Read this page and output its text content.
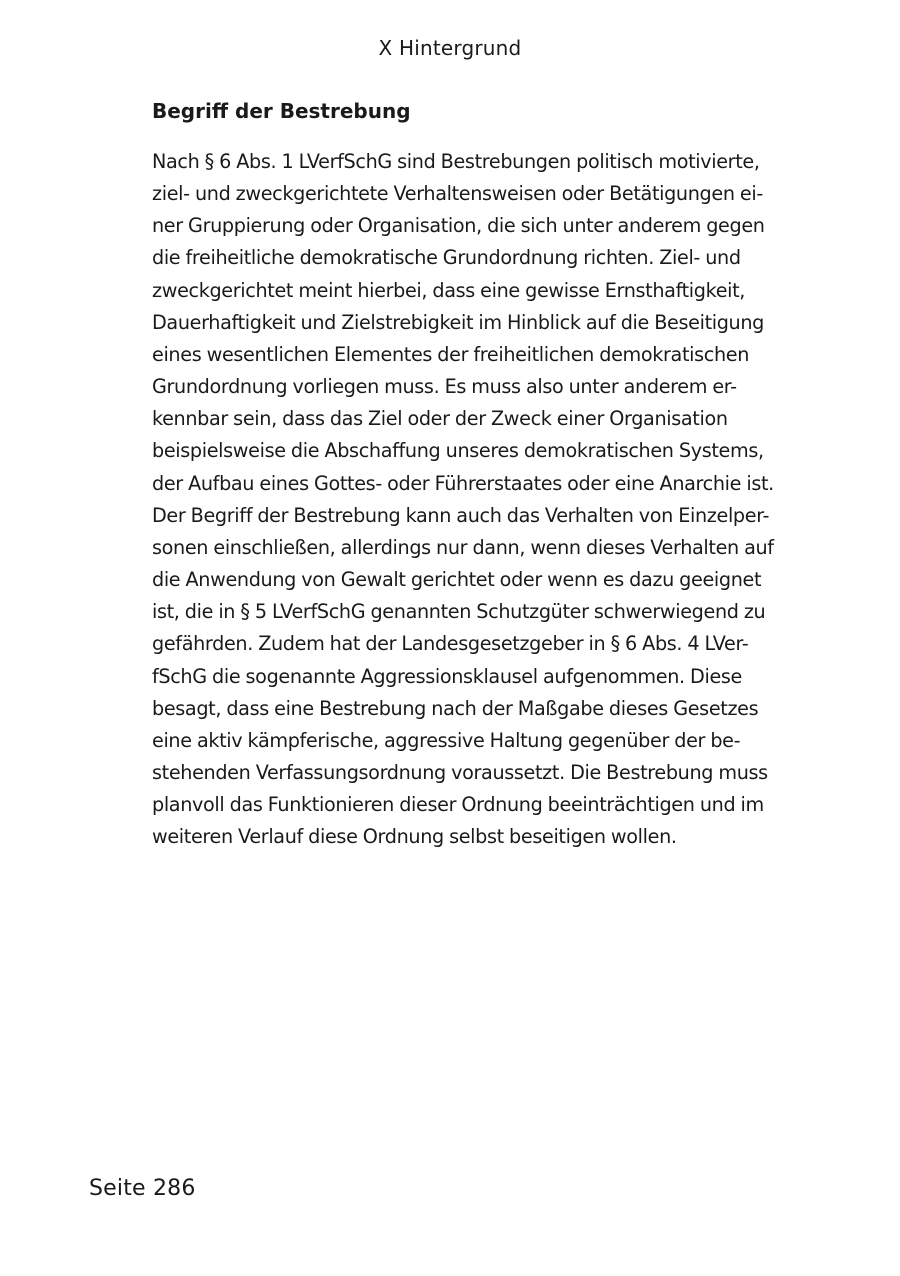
X Hintergrund
Begriff der Bestrebung
Nach § 6 Abs. 1 LVerfSchG sind Bestrebungen politisch motivierte,
ziel- und zweckgerichtete Verhaltensweisen oder Betätigungen ei-
ner Gruppierung oder Organisation, die sich unter anderem gegen
die freiheitliche demokratische Grundordnung richten. Ziel- und
zweckgerichtet meint hierbei, dass eine gewisse Ernsthaftigkeit,
Dauerhaftigkeit und Zielstrebigkeit im Hinblick auf die Beseitigung
eines wesentlichen Elementes der freiheitlichen demokratischen
Grundordnung vorliegen muss. Es muss also unter anderem er-
kennbar sein, dass das Ziel oder der Zweck einer Organisation
beispielsweise die Abschaffung unseres demokratischen Systems,
der Aufbau eines Gottes- oder Führerstaates oder eine Anarchie ist.
Der Begriff der Bestrebung kann auch das Verhalten von Einzelper-
sonen einschließen, allerdings nur dann, wenn dieses Verhalten auf
die Anwendung von Gewalt gerichtet oder wenn es dazu geeignet
ist, die in § 5 LVerfSchG genannten Schutzgüter schwerwiegend zu
gefährden. Zudem hat der Landesgesetzgeber in § 6 Abs. 4 LVer-
fSchG die sogenannte Aggressionsklausel aufgenommen. Diese
besagt, dass eine Bestrebung nach der Maßgabe dieses Gesetzes
eine aktiv kämpferische, aggressive Haltung gegenüber der be-
stehenden Verfassungsordnung voraussetzt. Die Bestrebung muss
planvoll das Funktionieren dieser Ordnung beeinträchtigen und im
weiteren Verlauf diese Ordnung selbst beseitigen wollen.
Seite 286
